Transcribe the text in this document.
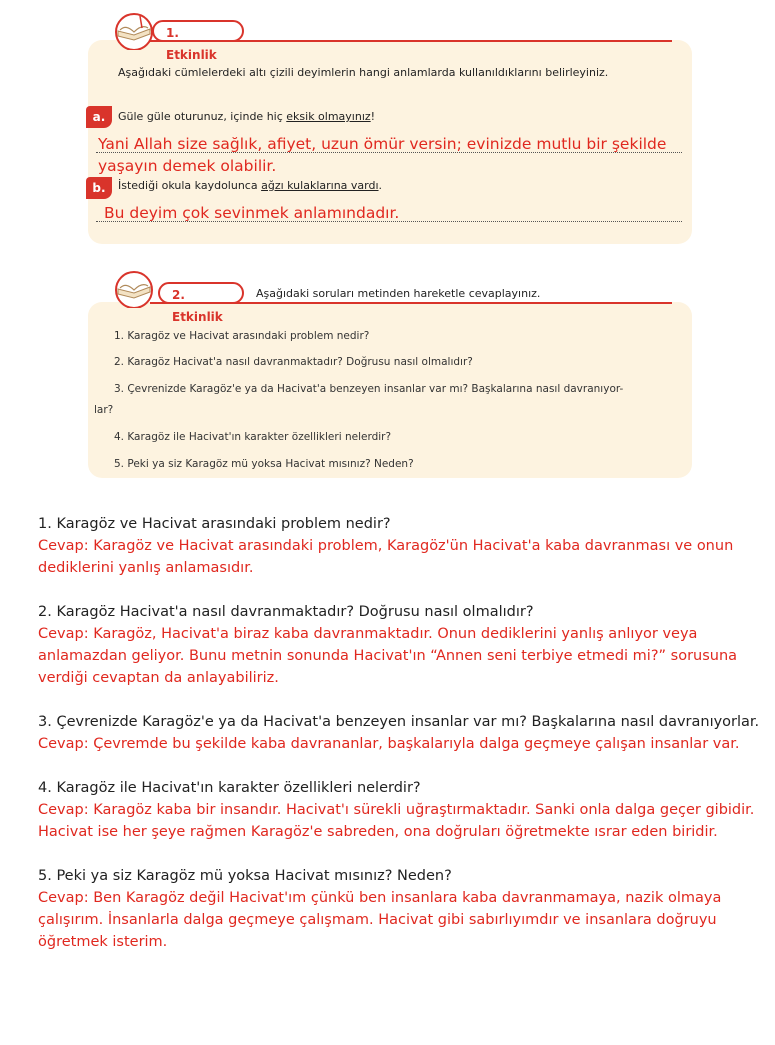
1. Etkinlik
Aşağıdaki cümlelerdeki altı çizili deyimlerin hangi anlamlarda kullanıldıklarını belirleyiniz.
a.	Güle güle oturunuz, içinde hiç eksik olmayınız!
Yani Allah size sağlık, afiyet, uzun ömür versin; evinizde mutlu bir şekilde
yaşayın demek olabilir.
b.	İstediği okula kaydolunca ağzı kulaklarına vardı.
Bu deyim çok sevinmek anlamındadır.
2. Etkinlik
Aşağıdaki soruları metinden hareketle cevaplayınız.
1. Karagöz ve Hacivat arasındaki problem nedir?
2. Karagöz Hacivat'a nasıl davranmaktadır? Doğrusu nasıl olmalıdır?
3. Çevrenizde Karagöz'e ya da Hacivat'a benzeyen insanlar var mı? Başkalarına nasıl davranıyor-
lar?
4. Karagöz ile Hacivat'ın karakter özellikleri nelerdir?
5. Peki ya siz Karagöz mü yoksa Hacivat mısınız? Neden?
1. Karagöz ve Hacivat arasındaki problem nedir?
Cevap: Karagöz ve Hacivat arasındaki problem, Karagöz'ün Hacivat'a kaba davranması ve onun dediklerini yanlış anlamasıdır.
2. Karagöz Hacivat'a nasıl davranmaktadır? Doğrusu nasıl olmalıdır?
Cevap: Karagöz, Hacivat'a biraz kaba davranmaktadır. Onun dediklerini yanlış anlıyor veya anlamazdan geliyor. Bunu metnin sonunda Hacivat'ın “Annen seni terbiye etmedi mi?” sorusuna verdiği cevaptan da anlayabiliriz.
3. Çevrenizde Karagöz'e ya da Hacivat'a benzeyen insanlar var mı? Başkalarına nasıl davranıyorlar.
Cevap: Çevremde bu şekilde kaba davrananlar, başkalarıyla dalga geçmeye çalışan insanlar var.
4. Karagöz ile Hacivat'ın karakter özellikleri nelerdir?
Cevap: Karagöz kaba bir insandır. Hacivat'ı sürekli uğraştırmaktadır. Sanki onla dalga geçer gibidir. Hacivat ise her şeye rağmen Karagöz'e sabreden, ona doğruları öğretmekte ısrar eden biridir.
5. Peki ya siz Karagöz mü yoksa Hacivat mısınız? Neden?
Cevap: Ben Karagöz değil Hacivat'ım çünkü ben insanlara kaba davranmamaya, nazik olmaya çalışırım. İnsanlarla dalga geçmeye çalışmam. Hacivat gibi sabırlıyımdır ve insanlara doğruyu öğretmek isterim.
